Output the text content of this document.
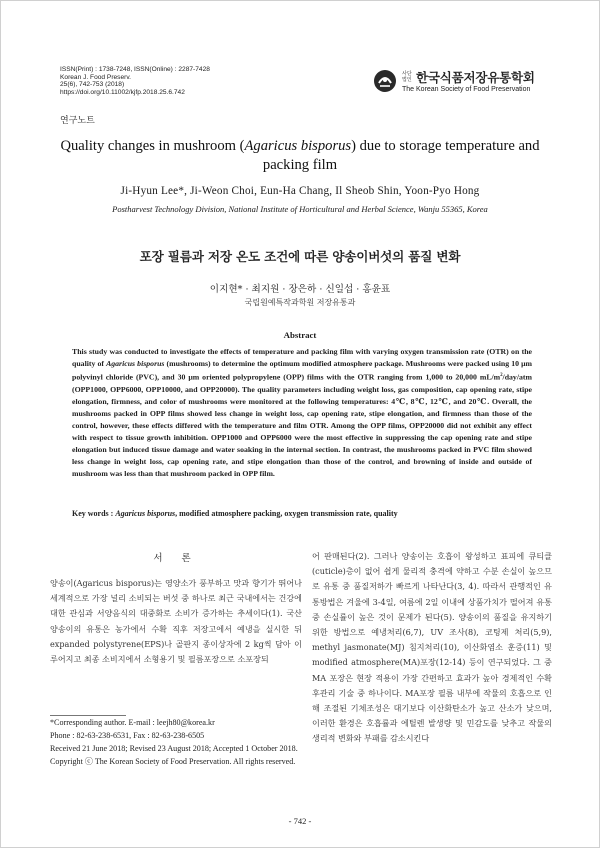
ISSN(Print) : 1738-7248, ISSN(Online) : 2287-7428
Korean J. Food Preserv.
25(6), 742-753 (2018)
https://doi.org/10.11002/kjfp.2018.25.6.742
사단법인 한국식품저장유통학회
The Korean Society of Food Preservation
연구노트
Quality changes in mushroom (Agaricus bisporus) due to storage temperature and packing film
Ji-Hyun Lee*, Ji-Weon Choi, Eun-Ha Chang, Il Sheob Shin, Yoon-Pyo Hong
Postharvest Technology Division, National Institute of Horticultural and Herbal Science, Wanju 55365, Korea
포장 필름과 저장 온도 조건에 따른 양송이버섯의 품질 변화
이지현* · 최지원 · 장은하 · 신일섭 · 홍윤표
국립원예특작과학원 저장유통과
Abstract
This study was conducted to investigate the effects of temperature and packing film with varying oxygen transmission rate (OTR) on the quality of Agaricus bisporus (mushrooms) to determine the optimum modified atmosphere package. Mushrooms were packed using 10 μm polyvinyl chloride (PVC), and 30 μm oriented polypropylene (OPP) films with the OTR ranging from 1,000 to 20,000 $mL/m^2/day$/atm (OPP1000, OPP6000, OPP10000, and OPP20000). The quality parameters including weight loss, gas composition, cap opening rate, stipe elongation, firmness, and color of mushrooms were monitored at the following temperatures: 4℃, 8℃, 12℃, and 20℃. Overall, the mushrooms packed in OPP films showed less change in weight loss, cap opening rate, stipe elongation, and firmness than those of the control, however, these effects differed with the temperature and film OTR. Among the OPP films, OPP20000 did not exhibit any effect with respect to tissue growth inhibition. OPP1000 and OPP6000 were the most effective in suppressing the cap opening rate and stipe elongation but induced tissue damage and water soaking in the internal section. In contrast, the mushrooms packed in PVC film showed less change in weight loss, cap opening rate, and stipe elongation than those of the control, and browning of inside and outside of mushroom was less than that mushroom packed in OPP film.
Key words : Agaricus bisporus, modified atmosphere packing, oxygen transmission rate, quality
서 론
양송이(Agaricus bisporus)는 영양소가 풍부하고 맛과 향기가 뛰어나 세계적으로 가장 널리 소비되는 버섯 중 하나로 최근 국내에서는 건강에 대한 관심과 서양음식의 대중화로 소비가 증가하는 추세이다(1). 국산 양송이의 유통은 농가에서 수확 직후 저장고에서 예냉을 실시한 뒤 expanded polystyrene(EPS)나 골판지 종이상자에 2 kg씩 담아 이루어지고 최종 소비지에서 소형용기 및 필름포장으로 소포장되
어 판매된다(2). 그러나 양송이는 호흡이 왕성하고 표피에 큐티클(cuticle)층이 없어 쉽게 물리적 충격에 약하고 수분 손실이 높으므로 유통 중 품질저하가 빠르게 나타난다(3, 4). 따라서 관행적인 유통방법은 겨울에 3-4일, 여름에 2일 이내에 상품가치가 떨어져 유통 중 손실률이 높은 것이 문제가 된다(5). 양송이의 품질을 유지하기 위한 방법으로 예냉처리(6,7), UV 조사(8), 코팅제 처리(5,9), methyl jasmonate(MJ) 침지처리(10), 이산화염소 훈증(11) 및 modified atmosphere(MA)포장(12-14) 등이 연구되었다. 그 중 MA 포장은 현장 적용이 가장 간편하고 효과가 높아 경제적인 수확후관리 기술 중 하나이다. MA포장 필름 내부에 작물의 호흡으로 인해 조절된 기체조성은 대기보다 이산화탄소가 높고 산소가 낮으며, 이러한 환경은 호흡률과 에틸렌 발생량 및 민감도를 낮추고 작물의 생리적 변화와 부패를 감소시킨다
*Corresponding author. E-mail : leejh80@korea.kr
Phone : 82-63-238-6531, Fax : 82-63-238-6505
Received 21 June 2018; Revised 23 August 2018; Accepted 1 October 2018.
Copyright ⓒ The Korean Society of Food Preservation. All rights reserved.
- 742 -
